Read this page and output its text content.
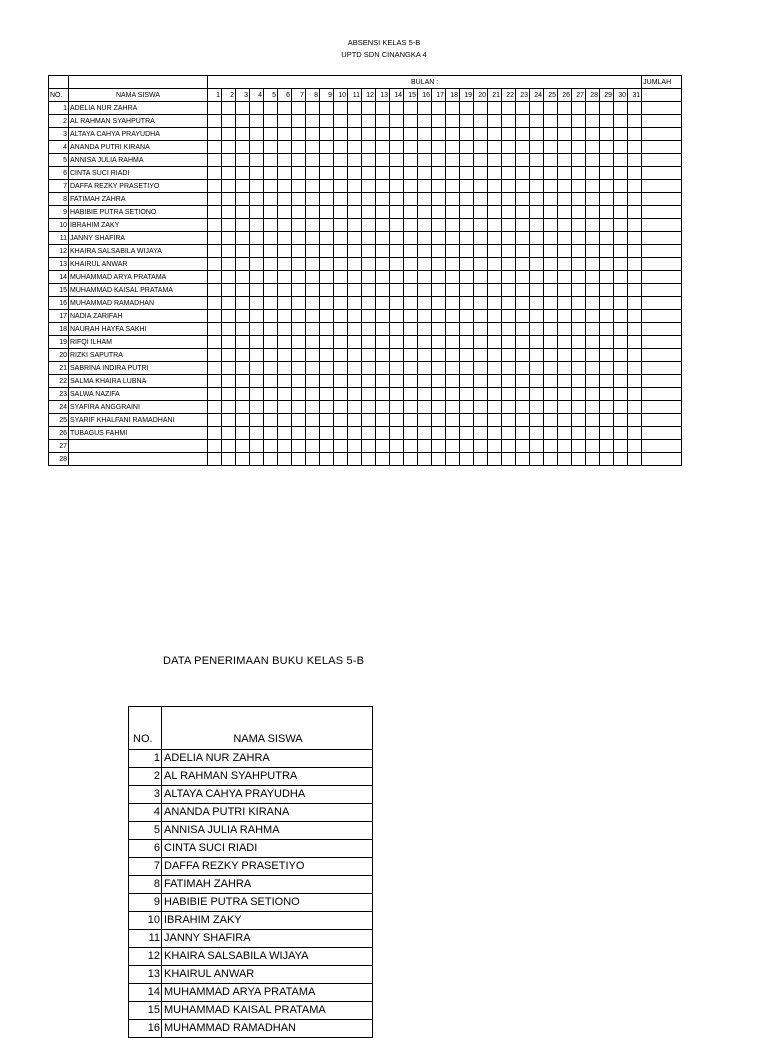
ABSENSI KELAS 5-B
UPTD SDN CINANGKA 4
		BULAN :																															JUMLAH
NO.	NAMA SISWA	1	2	3	4	5	6	7	8	9	10	11	12	13	14	15	16	17	18	19	20	21	22	23	24	25	26	27	28	29	30	31	
1	ADELIA NUR ZAHRA																																
2	AL RAHMAN SYAHPUTRA																																
3	ALTAYA CAHYA PRAYUDHA																																
4	ANANDA PUTRI KIRANA																																
5	ANNISA JULIA RAHMA																																
6	CINTA SUCI RIADI																																
7	DAFFA REZKY PRASETIYO																																
8	FATIMAH ZAHRA																																
9	HABIBIE PUTRA SETIONO																																
10	IBRAHIM ZAKY																																
11	JANNY SHAFIRA																																
12	KHAIRA SALSABILA WIJAYA																																
13	KHAIRUL ANWAR																																
14	MUHAMMAD ARYA PRATAMA																																
15	MUHAMMAD KAISAL PRATAMA																																
16	MUHAMMAD RAMADHAN																																
17	NADIA ZARIFAH																																
18	NAURAH HAYFA SAKHI																																
19	RIFQI ILHAM																																
20	RIZKI SAPUTRA																																
21	SABRINA INDIRA PUTRI																																
22	SALMA KHAIRA LUBNA																																
23	SALWA NAZIFA																																
24	SYAFIRA ANGGRAINI																																
25	SYARIF KHALFANI RAMADHANI																																
26	TUBAGUS FAHMI																																
27																																	
28																																	
DATA PENERIMAAN BUKU KELAS 5-B
NO.	NAMA SISWA
1	ADELIA NUR ZAHRA
2	AL RAHMAN SYAHPUTRA
3	ALTAYA CAHYA PRAYUDHA
4	ANANDA PUTRI KIRANA
5	ANNISA JULIA RAHMA
6	CINTA SUCI RIADI
7	DAFFA REZKY PRASETIYO
8	FATIMAH ZAHRA
9	HABIBIE PUTRA SETIONO
10	IBRAHIM ZAKY
11	JANNY SHAFIRA
12	KHAIRA SALSABILA WIJAYA
13	KHAIRUL ANWAR
14	MUHAMMAD ARYA PRATAMA
15	MUHAMMAD KAISAL PRATAMA
16	MUHAMMAD RAMADHAN
